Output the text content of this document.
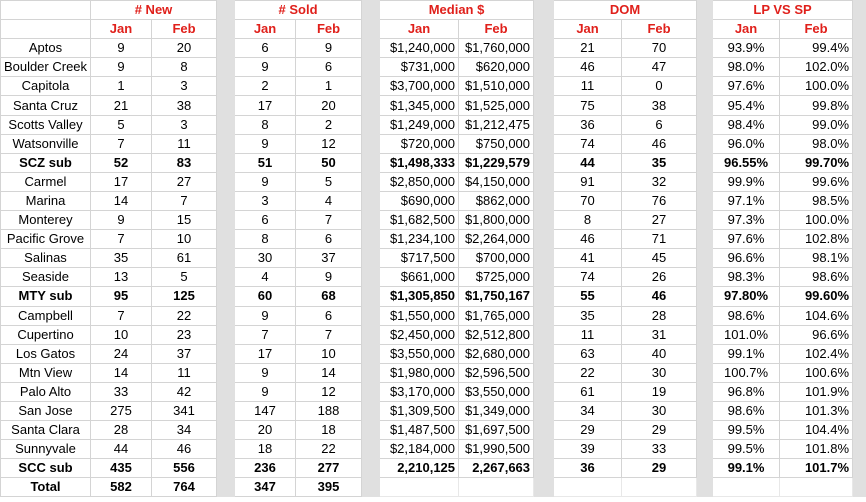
	# New			# Sold			Median $			DOM			LP VS SP		
	Jan	Feb		Jan	Feb		Jan	Feb		Jan	Feb		Jan	Feb	
Aptos	9	20		6	9		$1,240,000	$1,760,000		21	70		93.9%	99.4%	
Boulder Creek	9	8		9	6		$731,000	$620,000		46	47		98.0%	102.0%	
Capitola	1	3		2	1		$3,700,000	$1,510,000		11	0		97.6%	100.0%	
Santa Cruz	21	38		17	20		$1,345,000	$1,525,000		75	38		95.4%	99.8%	
Scotts Valley	5	3		8	2		$1,249,000	$1,212,475		36	6		98.4%	99.0%	
Watsonville	7	11		9	12		$720,000	$750,000		74	46		96.0%	98.0%	
SCZ sub	52	83		51	50		$1,498,333	$1,229,579		44	35		96.55%	99.70%	
Carmel	17	27		9	5		$2,850,000	$4,150,000		91	32		99.9%	99.6%	
Marina	14	7		3	4		$690,000	$862,000		70	76		97.1%	98.5%	
Monterey	9	15		6	7		$1,682,500	$1,800,000		8	27		97.3%	100.0%	
Pacific Grove	7	10		8	6		$1,234,100	$2,264,000		46	71		97.6%	102.8%	
Salinas	35	61		30	37		$717,500	$700,000		41	45		96.6%	98.1%	
Seaside	13	5		4	9		$661,000	$725,000		74	26		98.3%	98.6%	
MTY sub	95	125		60	68		$1,305,850	$1,750,167		55	46		97.80%	99.60%	
Campbell	7	22		9	6		$1,550,000	$1,765,000		35	28		98.6%	104.6%	
Cupertino	10	23		7	7		$2,450,000	$2,512,800		11	31		101.0%	96.6%	
Los Gatos	24	37		17	10		$3,550,000	$2,680,000		63	40		99.1%	102.4%	
Mtn View	14	11		9	14		$1,980,000	$2,596,500		22	30		100.7%	100.6%	
Palo Alto	33	42		9	12		$3,170,000	$3,550,000		61	19		96.8%	101.9%	
San Jose	275	341		147	188		$1,309,500	$1,349,000		34	30		98.6%	101.3%	
Santa Clara	28	34		20	18		$1,487,500	$1,697,500		29	29		99.5%	104.4%	
Sunnyvale	44	46		18	22		$2,184,000	$1,990,500		39	33		99.5%	101.8%	
SCC sub	435	556		236	277		2,210,125	2,267,663		36	29		99.1%	101.7%	
Total	582	764		347	395										
